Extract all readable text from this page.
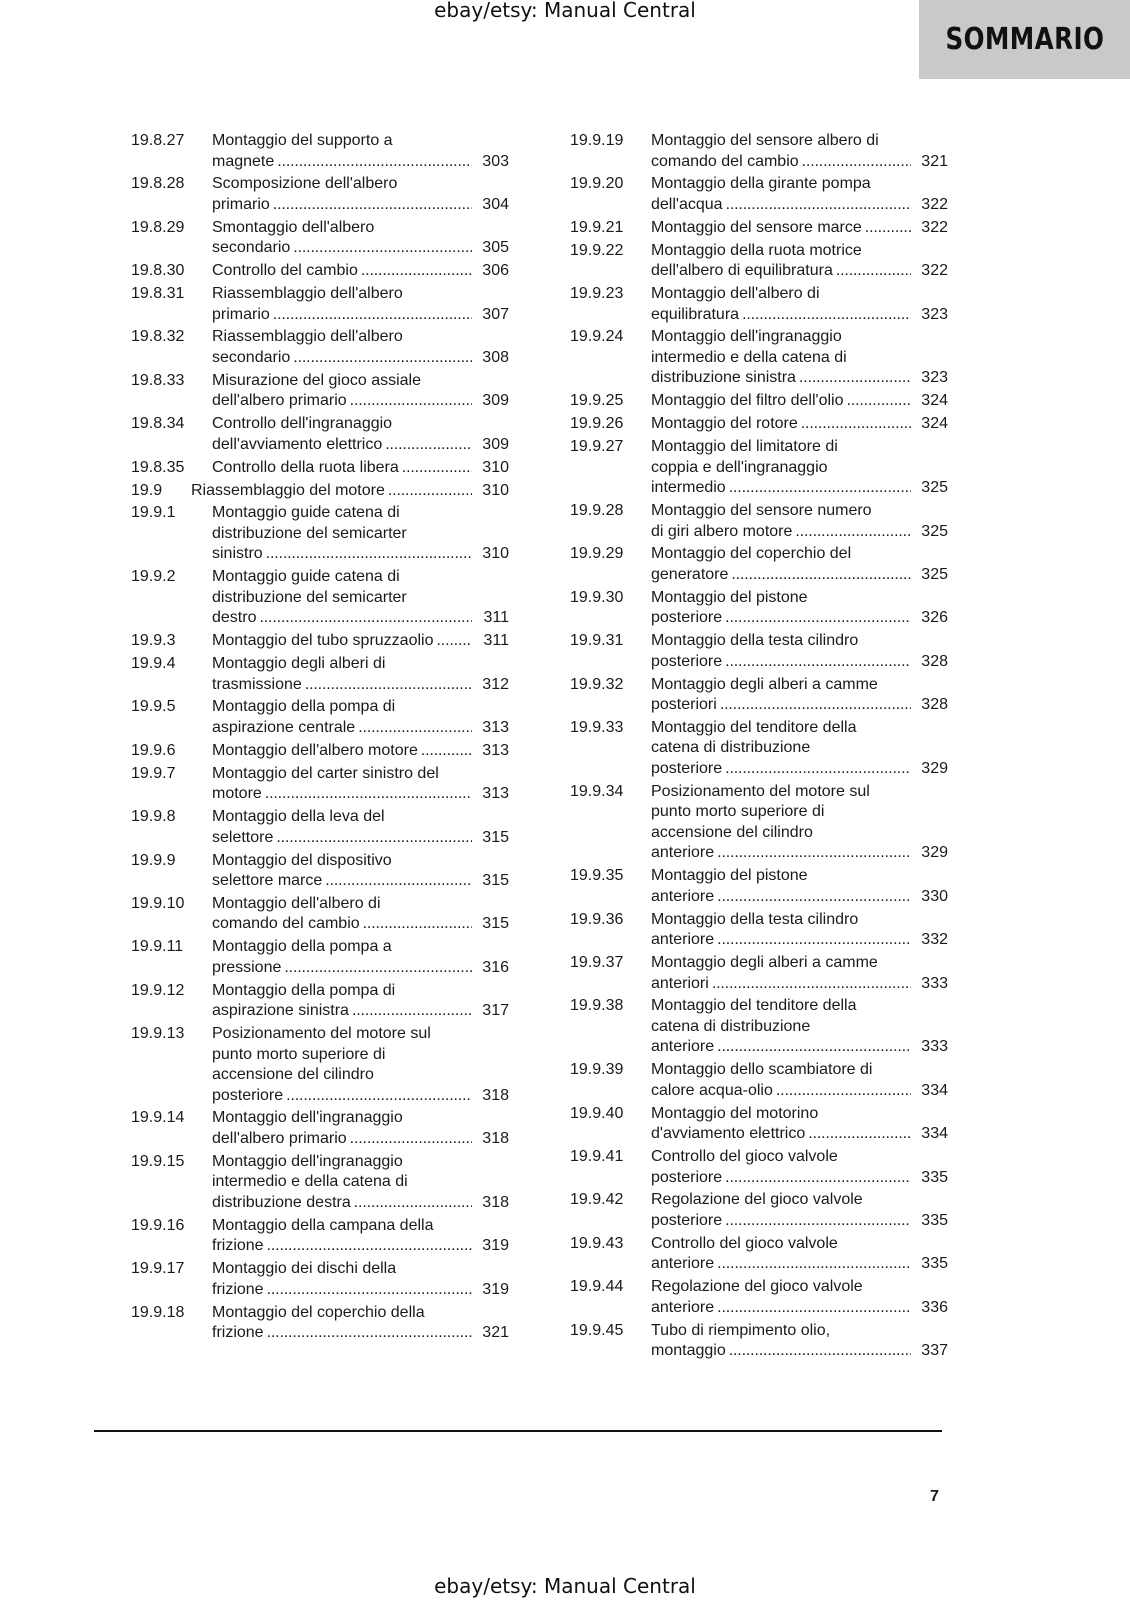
ebay/etsy: Manual Central
SOMMARIO
19.8.27 Montaggio del supporto a
magnete . . .	303
19.8.28 Scomposizione dell'albero
primario . . .	304
19.8.29 Smontaggio dell'albero
secondario . . .	305
19.8.30 Controllo del cambio . . .	306
19.8.31 Riassemblaggio dell'albero
primario . . .	307
19.8.32 Riassemblaggio dell'albero
secondario . . .	308
19.8.33 Misurazione del gioco assiale
dell'albero primario . . .	309
19.8.34 Controllo dell'ingranaggio
dell'avviamento elettrico . . .	309
19.8.35 Controllo della ruota libera . . .	310
19.9 Riassemblaggio del motore . . .	310
19.9.1 Montaggio guide catena di
distribuzione del semicarter
sinistro . . .	310
19.9.2 Montaggio guide catena di
distribuzione del semicarter
destro . . .	311
19.9.3 Montaggio del tubo spruzzaolio . . .	311
19.9.4 Montaggio degli alberi di
trasmissione . . .	312
19.9.5 Montaggio della pompa di
aspirazione centrale . . .	313
19.9.6 Montaggio dell'albero motore . . .	313
19.9.7 Montaggio del carter sinistro del
motore . . .	313
19.9.8 Montaggio della leva del
selettore . . .	315
19.9.9 Montaggio del dispositivo
selettore marce . . .	315
19.9.10 Montaggio dell'albero di
comando del cambio . . .	315
19.9.11 Montaggio della pompa a
pressione . . .	316
19.9.12 Montaggio della pompa di
aspirazione sinistra . . .	317
19.9.13 Posizionamento del motore sul
punto morto superiore di
accensione del cilindro
posteriore . . .	318
19.9.14 Montaggio dell'ingranaggio
dell'albero primario . . .	318
19.9.15 Montaggio dell'ingranaggio
intermedio e della catena di
distribuzione destra . . .	318
19.9.16 Montaggio della campana della
frizione . . .	319
19.9.17 Montaggio dei dischi della
frizione . . .	319
19.9.18 Montaggio del coperchio della
frizione . . .	321
19.9.19 Montaggio del sensore albero di
comando del cambio . . .	321
19.9.20 Montaggio della girante pompa
dell'acqua . . .	322
19.9.21 Montaggio del sensore marce . . .	322
19.9.22 Montaggio della ruota motrice
dell'albero di equilibratura . . .	322
19.9.23 Montaggio dell'albero di
equilibratura . . .	323
19.9.24 Montaggio dell'ingranaggio
intermedio e della catena di
distribuzione sinistra . . .	323
19.9.25 Montaggio del filtro dell'olio . . .	324
19.9.26 Montaggio del rotore . . .	324
19.9.27 Montaggio del limitatore di
coppia e dell'ingranaggio
intermedio . . .	325
19.9.28 Montaggio del sensore numero
di giri albero motore . . .	325
19.9.29 Montaggio del coperchio del
generatore . . .	325
19.9.30 Montaggio del pistone
posteriore . . .	326
19.9.31 Montaggio della testa cilindro
posteriore . . .	328
19.9.32 Montaggio degli alberi a camme
posteriori . . .	328
19.9.33 Montaggio del tenditore della
catena di distribuzione
posteriore . . .	329
19.9.34 Posizionamento del motore sul
punto morto superiore di
accensione del cilindro
anteriore . . .	329
19.9.35 Montaggio del pistone
anteriore . . .	330
19.9.36 Montaggio della testa cilindro
anteriore . . .	332
19.9.37 Montaggio degli alberi a camme
anteriori . . .	333
19.9.38 Montaggio del tenditore della
catena di distribuzione
anteriore . . .	333
19.9.39 Montaggio dello scambiatore di
calore acqua-olio . . .	334
19.9.40 Montaggio del motorino
d'avviamento elettrico . . .	334
19.9.41 Controllo del gioco valvole
posteriore . . .	335
19.9.42 Regolazione del gioco valvole
posteriore . . .	335
19.9.43 Controllo del gioco valvole
anteriore . . .	335
19.9.44 Regolazione del gioco valvole
anteriore . . .	336
19.9.45 Tubo di riempimento olio,
montaggio . . .	337
7
ebay/etsy: Manual Central
